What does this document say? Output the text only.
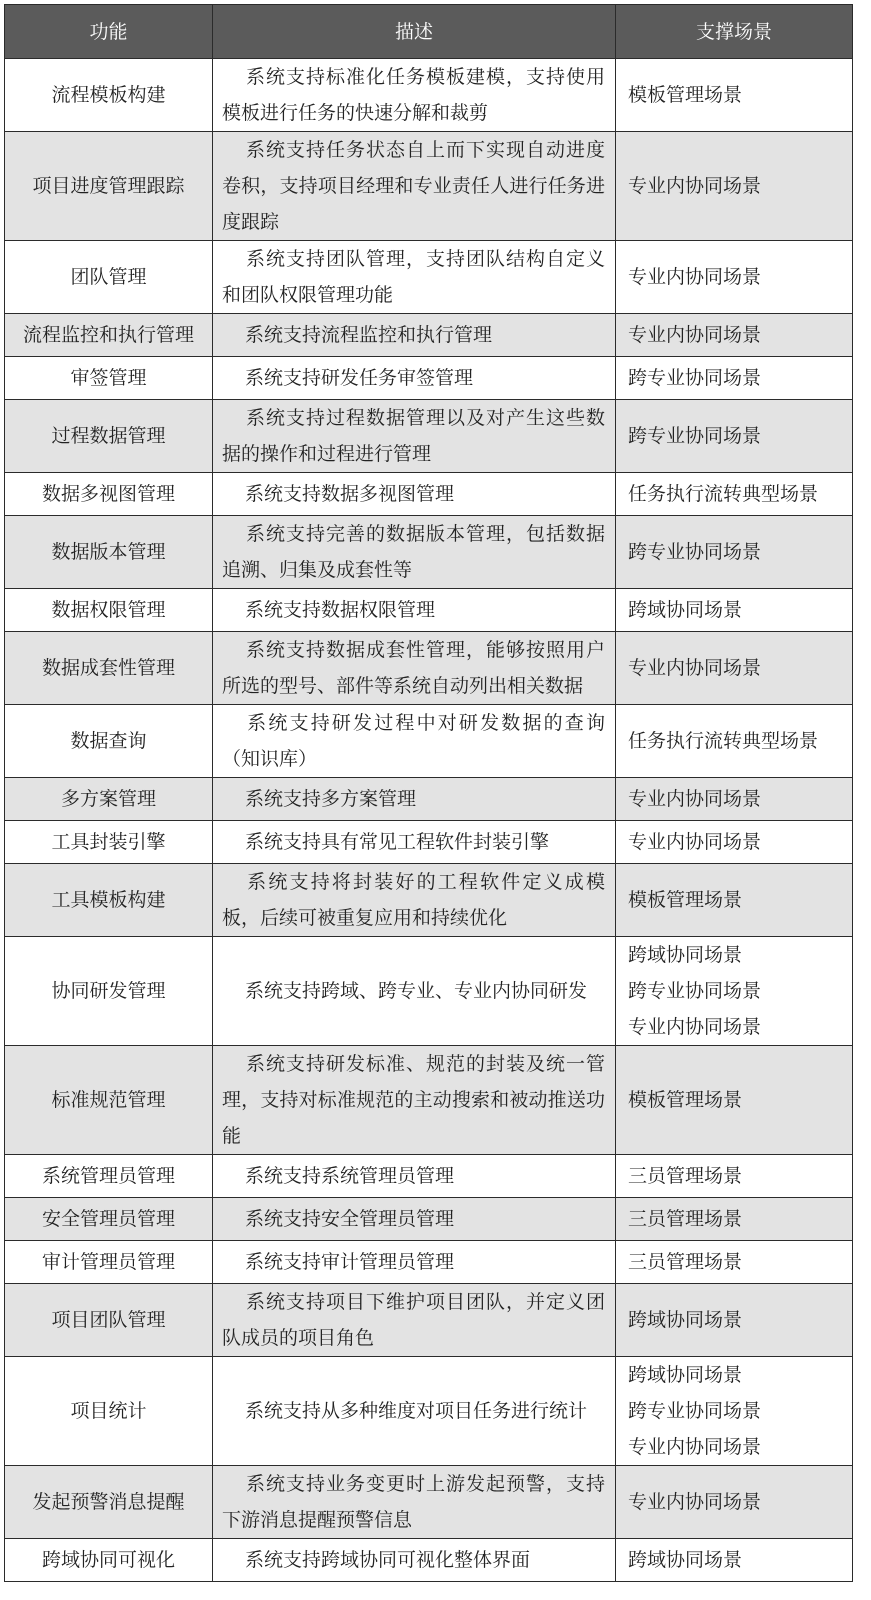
功能	描述	支撑场景
流程模板构建	系统支持标准化任务模板建模，支持使用模板进行任务的快速分解和裁剪	模板管理场景

项目进度管理跟踪	系统支持任务状态自上而下实现自动进度卷积，支持项目经理和专业责任人进行任务进度跟踪	专业内协同场景

团队管理	系统支持团队管理，支持团队结构自定义和团队权限管理功能	专业内协同场景

流程监控和执行管理	系统支持流程监控和执行管理	专业内协同场景

审签管理	系统支持研发任务审签管理	跨专业协同场景

过程数据管理	系统支持过程数据管理以及对产生这些数据的操作和过程进行管理	跨专业协同场景

数据多视图管理	系统支持数据多视图管理	任务执行流转典型场景

数据版本管理	系统支持完善的数据版本管理，包括数据追溯、归集及成套性等	跨专业协同场景

数据权限管理	系统支持数据权限管理	跨域协同场景

数据成套性管理	系统支持数据成套性管理，能够按照用户所选的型号、部件等系统自动列出相关数据	专业内协同场景

数据查询	系统支持研发过程中对研发数据的查询（知识库）	任务执行流转典型场景

多方案管理	系统支持多方案管理	专业内协同场景

工具封装引擎	系统支持具有常见工程软件封装引擎	专业内协同场景

工具模板构建	系统支持将封装好的工程软件定义成模板，后续可被重复应用和持续优化	模板管理场景

协同研发管理	系统支持跨域、跨专业、专业内协同研发	跨域协同场景
跨专业协同场景
专业内协同场景

标准规范管理	系统支持研发标准、规范的封装及统一管理，支持对标准规范的主动搜索和被动推送功能	模板管理场景

系统管理员管理	系统支持系统管理员管理	三员管理场景

安全管理员管理	系统支持安全管理员管理	三员管理场景

审计管理员管理	系统支持审计管理员管理	三员管理场景

项目团队管理	系统支持项目下维护项目团队，并定义团队成员的项目角色	跨域协同场景

项目统计	系统支持从多种维度对项目任务进行统计	跨域协同场景
跨专业协同场景
专业内协同场景

发起预警消息提醒	系统支持业务变更时上游发起预警，支持下游消息提醒预警信息	专业内协同场景

跨域协同可视化	系统支持跨域协同可视化整体界面	跨域协同场景
